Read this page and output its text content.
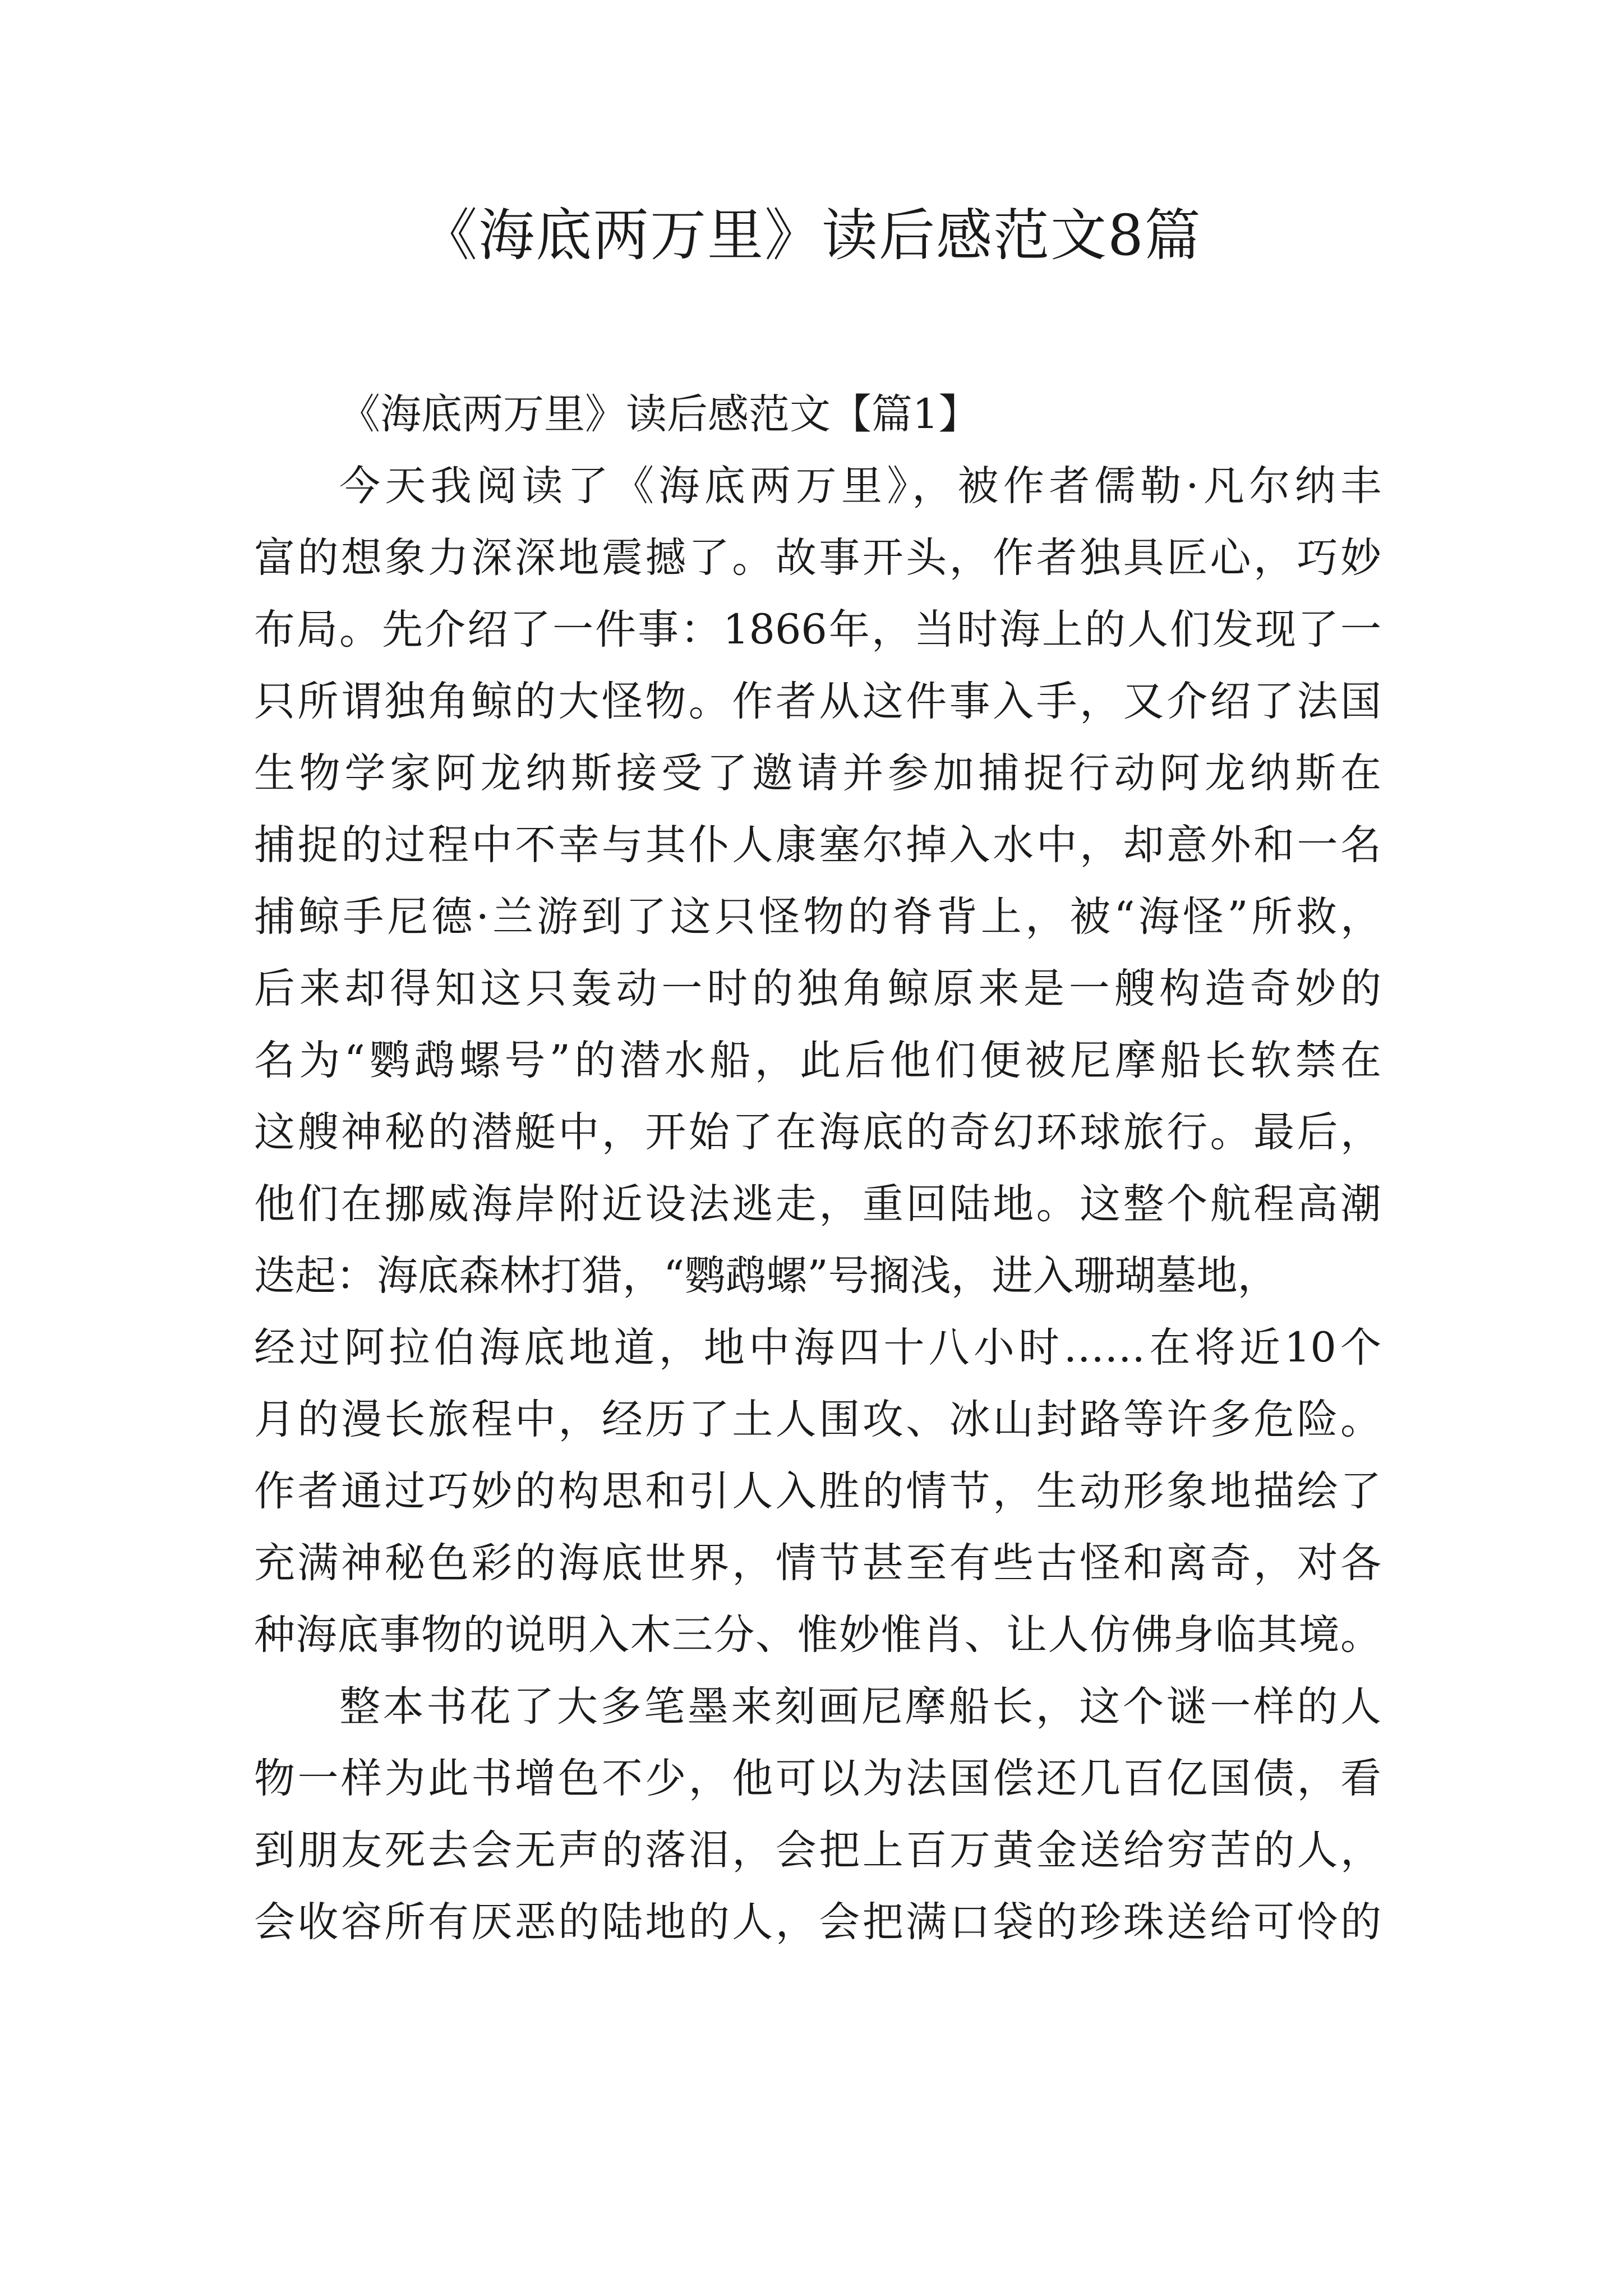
《海底两万里》读后感范文8篇
《海底两万里》读后感范文【篇1】
今天我阅读了《海底两万里》，被作者儒勒·凡尔纳丰
富的想象力深深地震撼了。故事开头，作者独具匠心，巧妙
布局。先介绍了一件事：1866年，当时海上的人们发现了一
只所谓独角鲸的大怪物。作者从这件事入手，又介绍了法国
生物学家阿龙纳斯接受了邀请并参加捕捉行动阿龙纳斯在
捕捉的过程中不幸与其仆人康塞尔掉入水中，却意外和一名
捕鲸手尼德·兰游到了这只怪物的脊背上，被“海怪”所救，
后来却得知这只轰动一时的独角鲸原来是一艘构造奇妙的
名为“鹦鹉螺号”的潜水船，此后他们便被尼摩船长软禁在
这艘神秘的潜艇中，开始了在海底的奇幻环球旅行。最后，
他们在挪威海岸附近设法逃走，重回陆地。这整个航程高潮
迭起：海底森林打猎，“鹦鹉螺”号搁浅，进入珊瑚墓地，
经过阿拉伯海底地道，地中海四十八小时……在将近10个
月的漫长旅程中，经历了土人围攻、冰山封路等许多危险。
作者通过巧妙的构思和引人入胜的情节，生动形象地描绘了
充满神秘色彩的海底世界，情节甚至有些古怪和离奇，对各
种海底事物的说明入木三分、惟妙惟肖、让人仿佛身临其境。
整本书花了大多笔墨来刻画尼摩船长，这个谜一样的人
物一样为此书增色不少，他可以为法国偿还几百亿国债，看
到朋友死去会无声的落泪，会把上百万黄金送给穷苦的人，
会收容所有厌恶的陆地的人，会把满口袋的珍珠送给可怜的
